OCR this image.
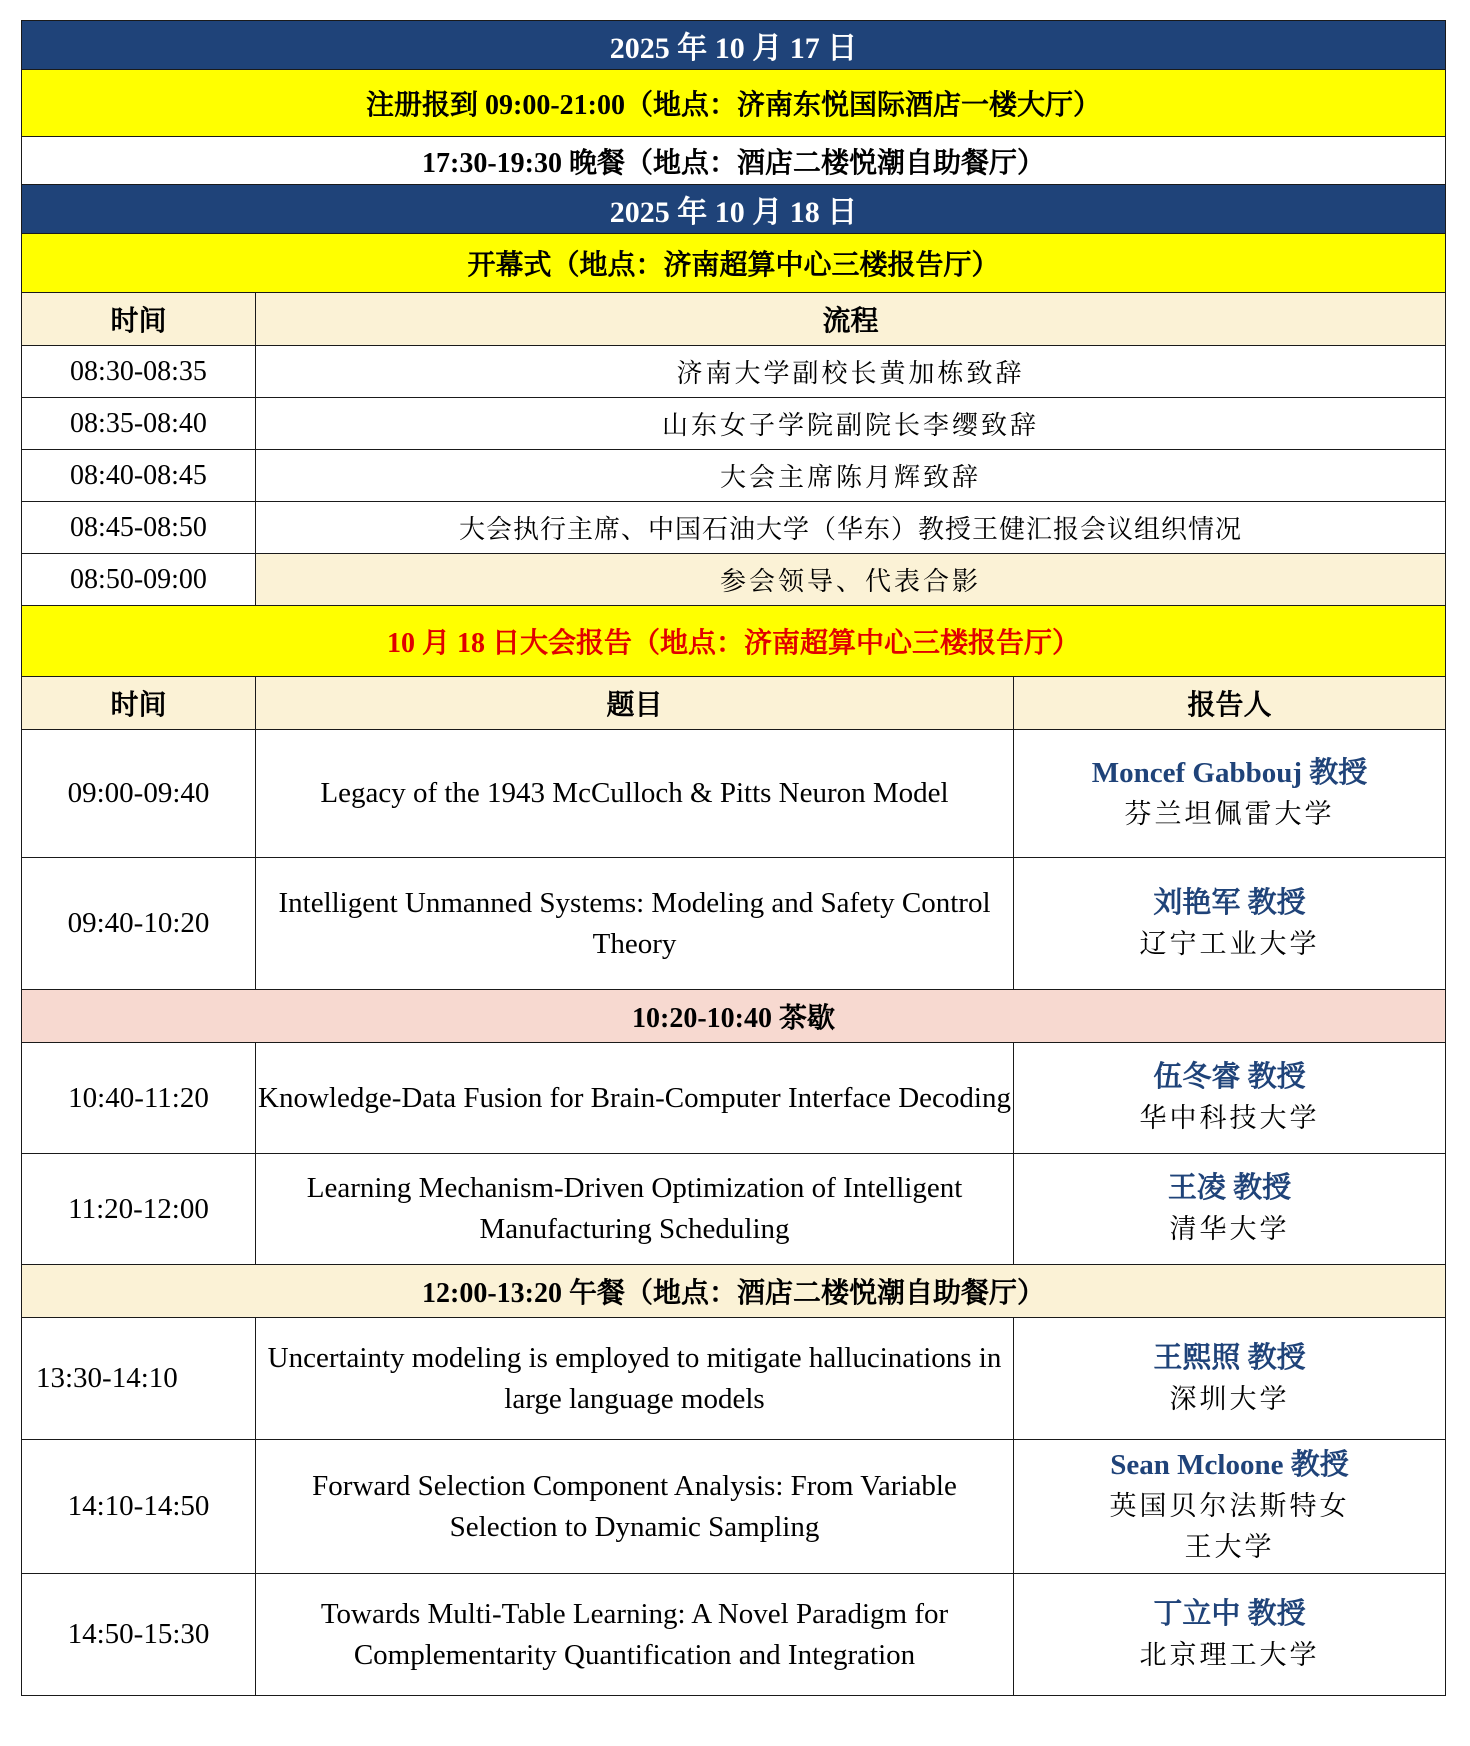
2025 年 10 月 17 日		
注册报到 09:00-21:00（地点：济南东悦国际酒店一楼大厅）		
17:30-19:30 晚餐（地点：酒店二楼悦潮自助餐厅）		
2025 年 10 月 18 日		
开幕式（地点：济南超算中心三楼报告厅）		
时间	流程	
08:30-08:35	济南大学副校长黄加栋致辞	
08:35-08:40	山东女子学院副院长李缨致辞	
08:40-08:45	大会主席陈月辉致辞	
08:45-08:50	大会执行主席、中国石油大学（华东）教授王健汇报会议组织情况	
08:50-09:00	参会领导、代表合影	
10 月 18 日大会报告（地点：济南超算中心三楼报告厅）		
时间	题目	报告人
09:00-09:40	Legacy of the 1943 McCulloch & Pitts Neuron Model	Moncef Gabbouj 教授
芬兰坦佩雷大学

09:40-10:20	Intelligent Unmanned Systems: Modeling and Safety Control Theory	刘艳军 教授
辽宁工业大学

10:20-10:40 茶歇		
10:40-11:20	Knowledge-Data Fusion for Brain-Computer Interface Decoding	伍冬睿 教授
华中科技大学

11:20-12:00	Learning Mechanism-Driven Optimization of Intelligent Manufacturing Scheduling	王凌 教授
清华大学

12:00-13:20 午餐（地点：酒店二楼悦潮自助餐厅）		
13:30-14:10	Uncertainty modeling is employed to mitigate hallucinations in large language models	王熙照 教授
深圳大学

14:10-14:50	Forward Selection Component Analysis: From Variable Selection to Dynamic Sampling	Sean Mcloone 教授
英国贝尔法斯特女王大学

14:50-15:30	Towards Multi-Table Learning: A Novel Paradigm for Complementarity Quantification and Integration	丁立中 教授
北京理工大学
